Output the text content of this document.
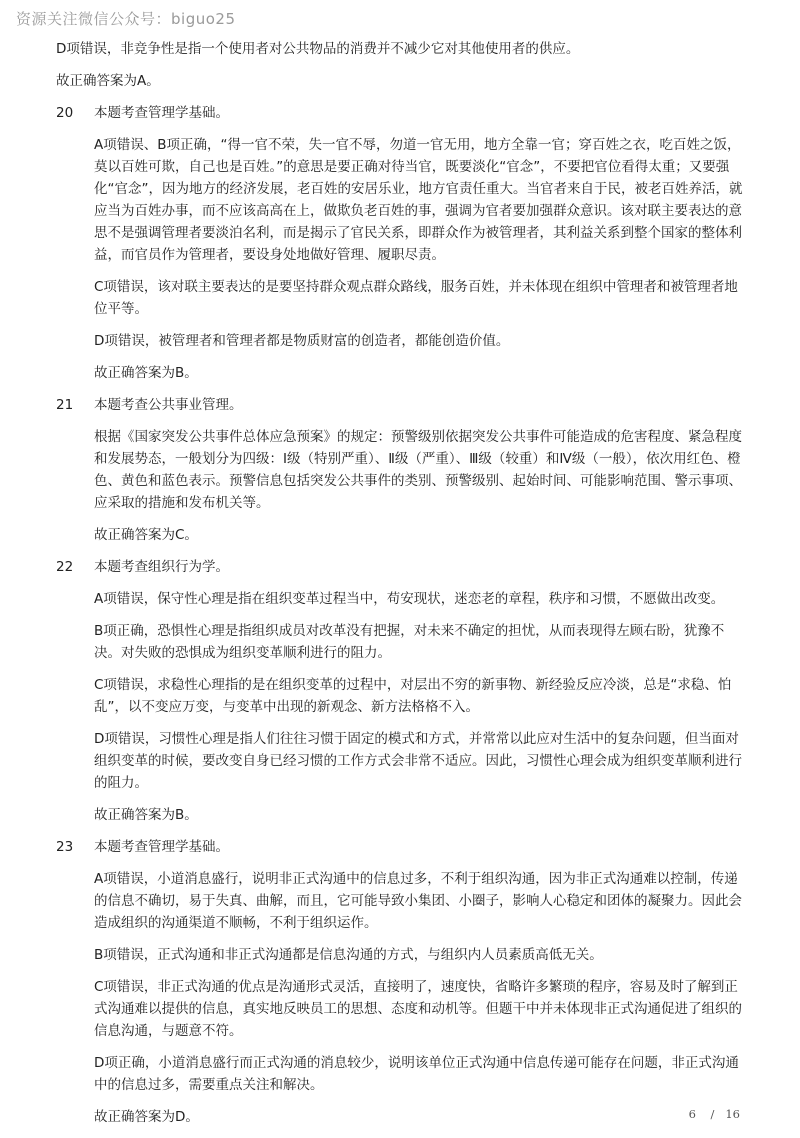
资源关注微信公众号：biguo25
D项错误，非竞争性是指一个使用者对公共物品的消费并不减少它对其他使用者的供应。
故正确答案为A。
20	本题考查管理学基础。
A项错误、B项正确，“得一官不荣，失一官不辱，勿道一官无用，地方全靠一官；穿百姓之衣，吃百姓之饭，莫以百姓可欺，自己也是百姓。”的意思是要正确对待当官，既要淡化“官念”，不要把官位看得太重；又要强化“官念”，因为地方的经济发展，老百姓的安居乐业，地方官责任重大。当官者来自于民，被老百姓养活，就应当为百姓办事，而不应该高高在上，做欺负老百姓的事，强调为官者要加强群众意识。该对联主要表达的意思不是强调管理者要淡泊名利，而是揭示了官民关系，即群众作为被管理者，其利益关系到整个国家的整体利益，而官员作为管理者，要设身处地做好管理、履职尽责。
C项错误，该对联主要表达的是要坚持群众观点群众路线，服务百姓，并未体现在组织中管理者和被管理者地位平等。
D项错误，被管理者和管理者都是物质财富的创造者，都能创造价值。
故正确答案为B。
21	本题考查公共事业管理。
根据《国家突发公共事件总体应急预案》的规定：预警级别依据突发公共事件可能造成的危害程度、紧急程度和发展势态，一般划分为四级：Ⅰ级（特别严重）、Ⅱ级（严重）、Ⅲ级（较重）和Ⅳ级（一般），依次用红色、橙色、黄色和蓝色表示。预警信息包括突发公共事件的类别、预警级别、起始时间、可能影响范围、警示事项、应采取的措施和发布机关等。
故正确答案为C。
22	本题考查组织行为学。
A项错误，保守性心理是指在组织变革过程当中，苟安现状，迷恋老的章程，秩序和习惯，不愿做出改变。
B项正确，恐惧性心理是指组织成员对改革没有把握，对未来不确定的担忧，从而表现得左顾右盼，犹豫不决。对失败的恐惧成为组织变革顺利进行的阻力。
C项错误，求稳性心理指的是在组织变革的过程中，对层出不穷的新事物、新经验反应冷淡，总是“求稳、怕乱”，以不变应万变，与变革中出现的新观念、新方法格格不入。
D项错误，习惯性心理是指人们往往习惯于固定的模式和方式，并常常以此应对生活中的复杂问题，但当面对组织变革的时候，要改变自身已经习惯的工作方式会非常不适应。因此，习惯性心理会成为组织变革顺利进行的阻力。
故正确答案为B。
23	本题考查管理学基础。
A项错误，小道消息盛行，说明非正式沟通中的信息过多，不利于组织沟通，因为非正式沟通难以控制，传递的信息不确切，易于失真、曲解，而且，它可能导致小集团、小圈子，影响人心稳定和团体的凝聚力。因此会造成组织的沟通渠道不顺畅，不利于组织运作。
B项错误，正式沟通和非正式沟通都是信息沟通的方式，与组织内人员素质高低无关。
C项错误，非正式沟通的优点是沟通形式灵活，直接明了，速度快，省略许多繁琐的程序，容易及时了解到正式沟通难以提供的信息，真实地反映员工的思想、态度和动机等。但题干中并未体现非正式沟通促进了组织的信息沟通，与题意不符。
D项正确，小道消息盛行而正式沟通的消息较少，说明该单位正式沟通中信息传递可能存在问题，非正式沟通中的信息过多，需要重点关注和解决。
故正确答案为D。	6 / 16
